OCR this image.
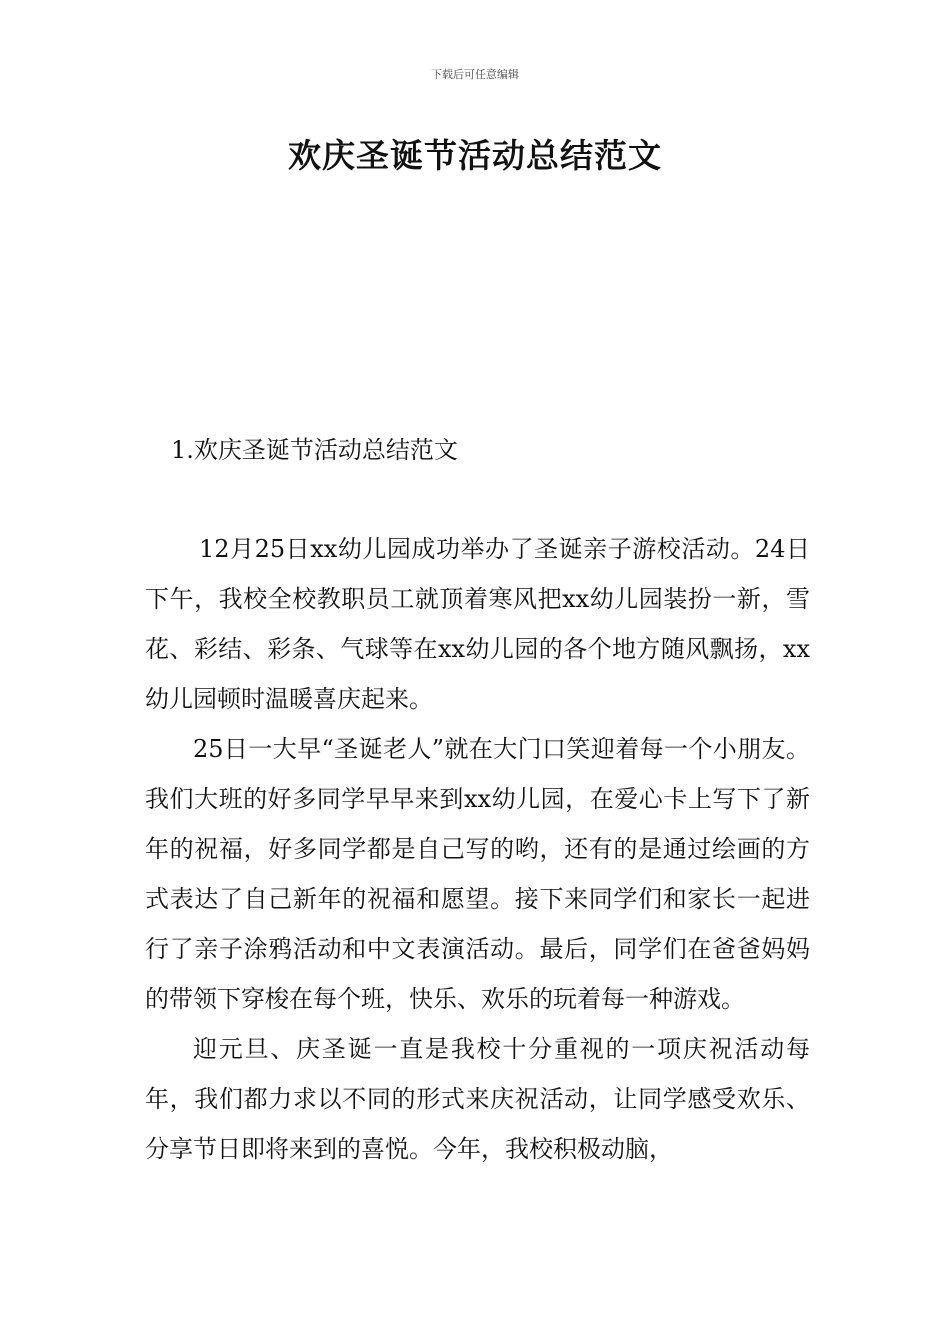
下载后可任意编辑
欢庆圣诞节活动总结范文
1.欢庆圣诞节活动总结范文

12月25日xx幼儿园成功举办了圣诞亲子游校活动。24日下午，我校全校教职员工就顶着寒风把xx幼儿园装扮一新，雪花、彩结、彩条、气球等在xx幼儿园的各个地方随风飘扬，xx幼儿园顿时温暖喜庆起来。

25日一大早“圣诞老人”就在大门口笑迎着每一个小朋友。我们大班的好多同学早早来到xx幼儿园，在爱心卡上写下了新年的祝福，好多同学都是自己写的哟，还有的是通过绘画的方式表达了自己新年的祝福和愿望。接下来同学们和家长一起进行了亲子涂鸦活动和中文表演活动。最后，同学们在爸爸妈妈的带领下穿梭在每个班，快乐、欢乐的玩着每一种游戏。

迎元旦、庆圣诞一直是我校十分重视的一项庆祝活动每年，我们都力求以不同的形式来庆祝活动，让同学感受欢乐、分享节日即将来到的喜悦。今年，我校积极动脑，
